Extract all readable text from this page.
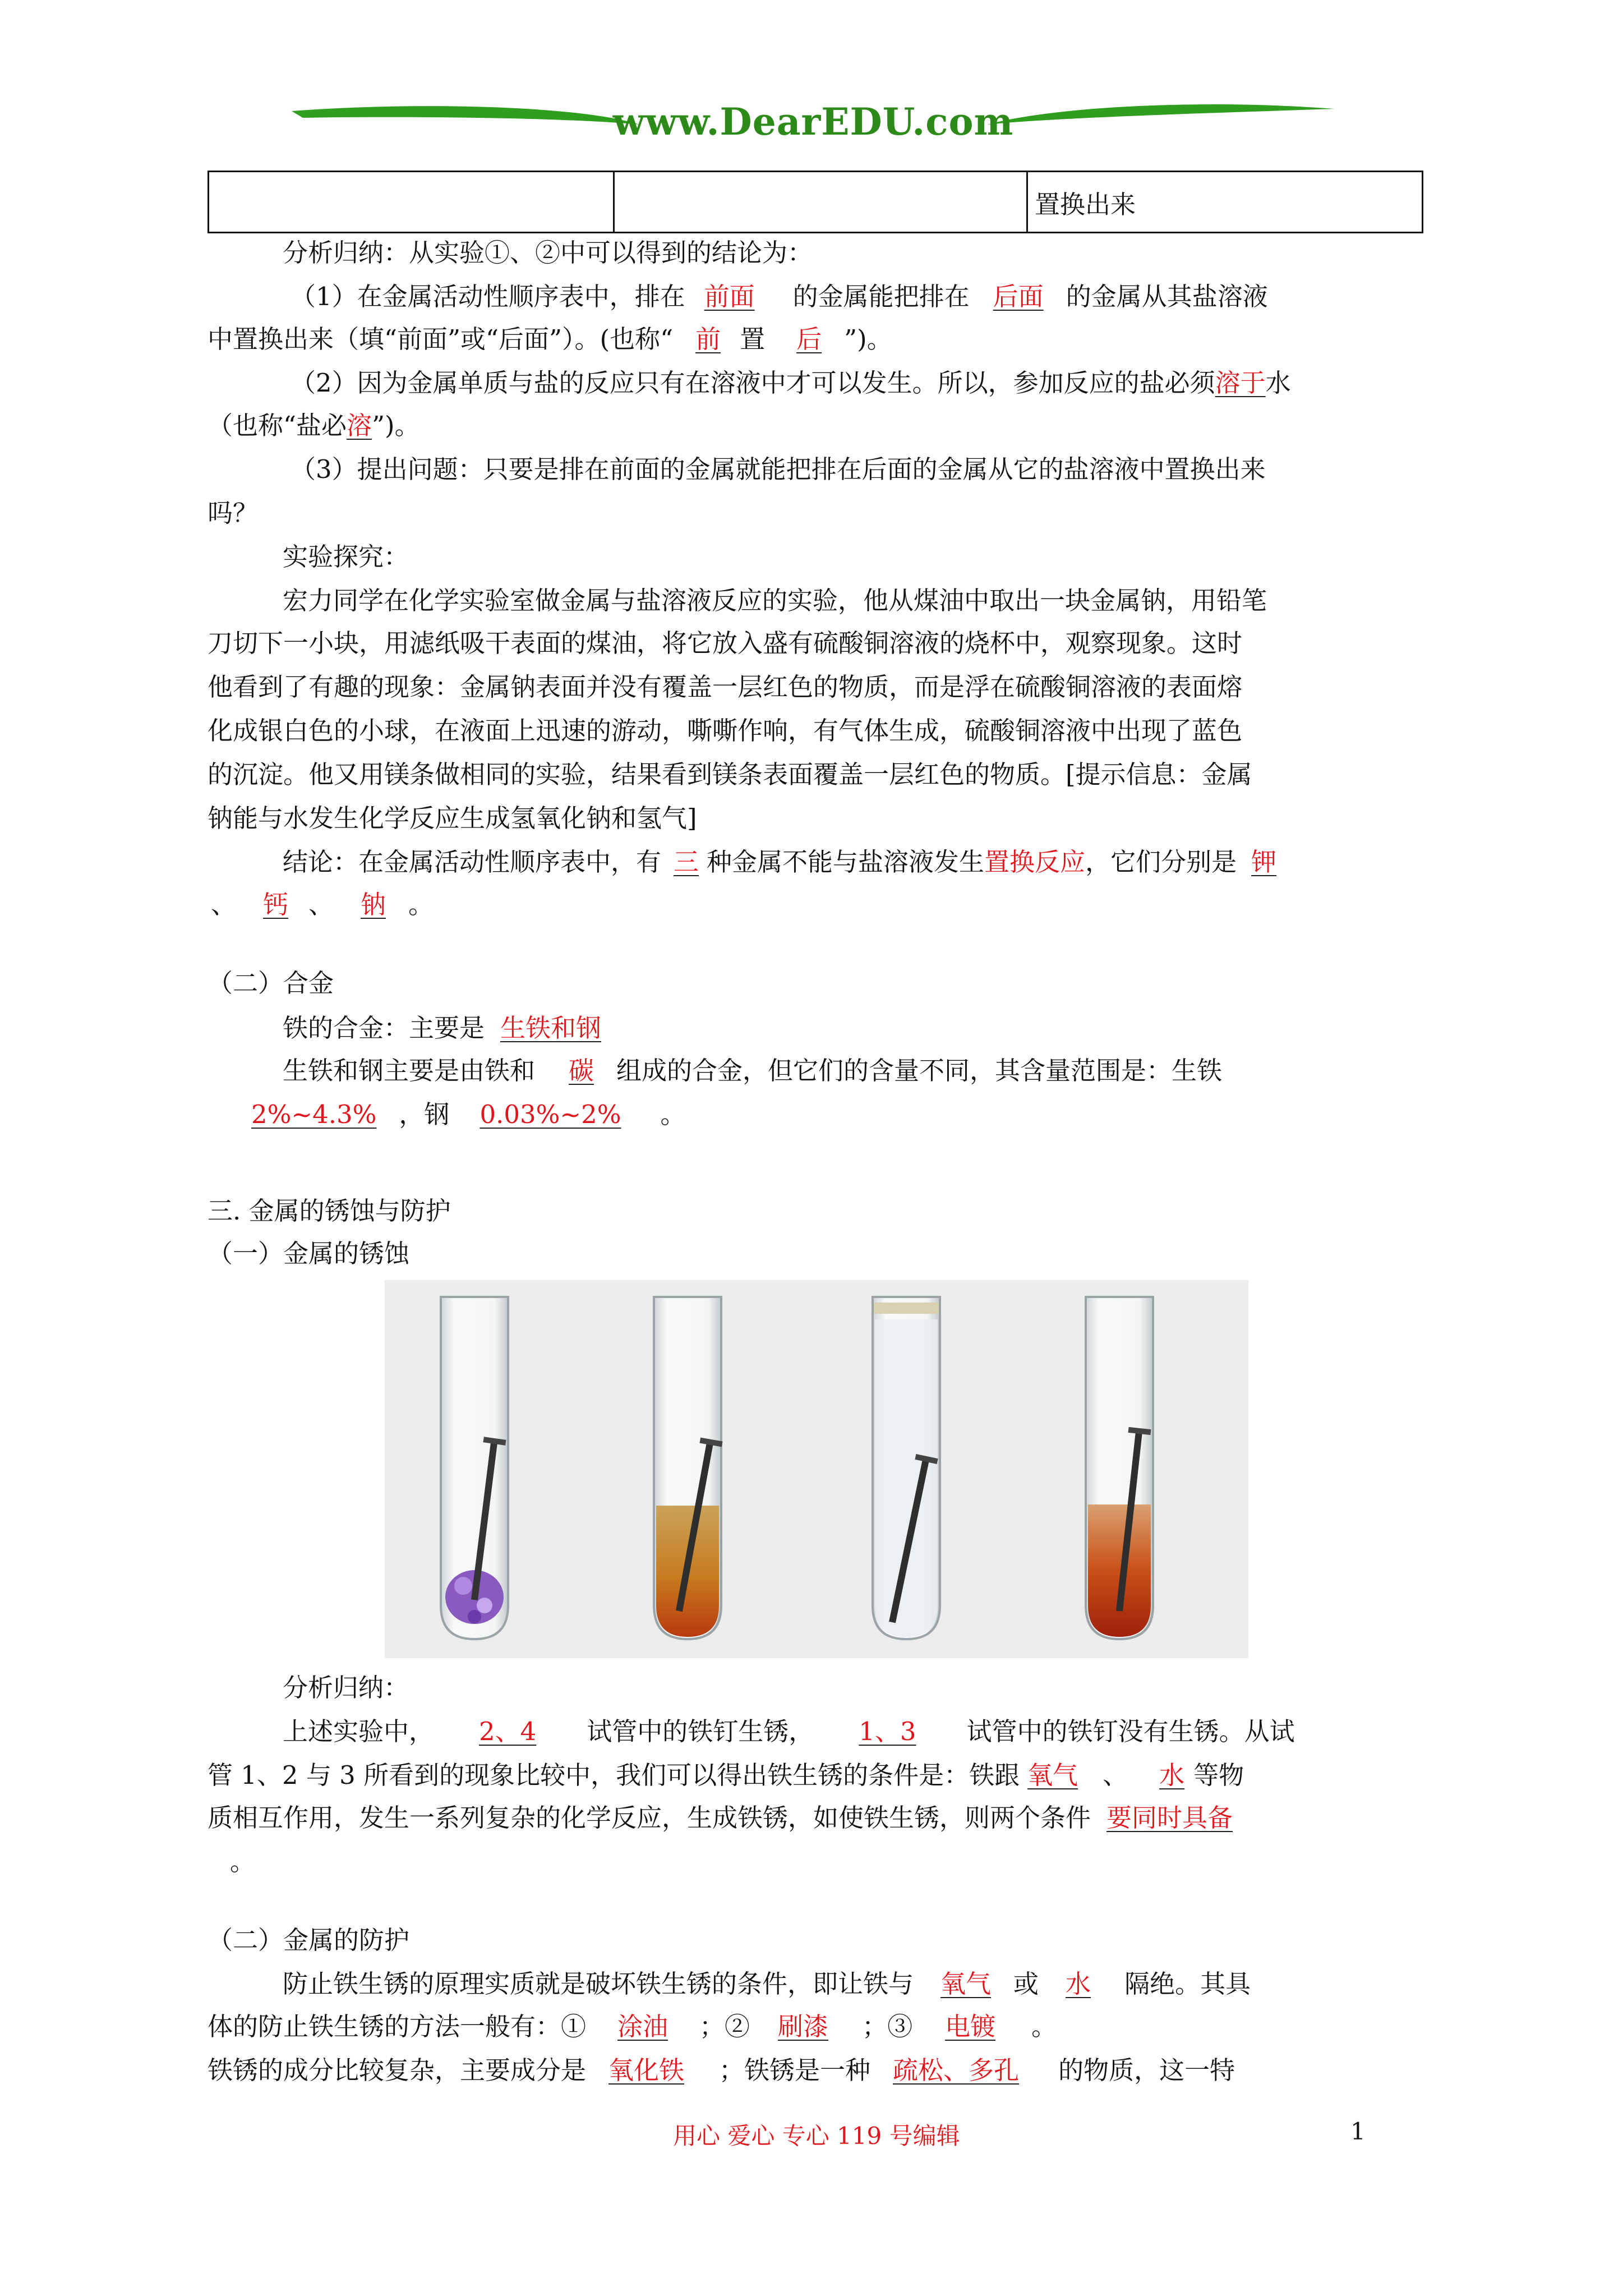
www.DearEDU.com
		置换出来
分析归纳：从实验①、②中可以得到的结论为：
（1）在金属活动性顺序表中，排在 前面 的金属能把排在 后面 的金属从其盐溶液
中置换出来（填“前面”或“后面”）。(也称“ 前 置 后 ”)。
（2）因为金属单质与盐的反应只有在溶液中才可以发生。所以，参加反应的盐必须溶于水
（也称“盐必溶”)。
（3）提出问题：只要是排在前面的金属就能把排在后面的金属从它的盐溶液中置换出来
吗？
实验探究：
宏力同学在化学实验室做金属与盐溶液反应的实验，他从煤油中取出一块金属钠，用铅笔
刀切下一小块，用滤纸吸干表面的煤油，将它放入盛有硫酸铜溶液的烧杯中，观察现象。这时
他看到了有趣的现象：金属钠表面并没有覆盖一层红色的物质，而是浮在硫酸铜溶液的表面熔
化成银白色的小球，在液面上迅速的游动，嘶嘶作响，有气体生成，硫酸铜溶液中出现了蓝色
的沉淀。他又用镁条做相同的实验，结果看到镁条表面覆盖一层红色的物质。[提示信息：金属
钠能与水发生化学反应生成氢氧化钠和氢气]
结论：在金属活动性顺序表中，有 三 种金属不能与盐溶液发生置换反应，它们分别是 钾
、 钙 、 钠 。
（二）合金
铁的合金：主要是 生铁和钢
生铁和钢主要是由铁和 碳 组成的合金，但它们的含量不同，其含量范围是：生铁
2%~4.3% ，钢 0.03%~2% 。
三. 金属的锈蚀与防护
（一）金属的锈蚀
分析归纳：
上述实验中， 2、4 试管中的铁钉生锈， 1、3 试管中的铁钉没有生锈。从试
管 1、2 与 3 所看到的现象比较中，我们可以得出铁生锈的条件是：铁跟 氧气 、 水 等物
质相互作用，发生一系列复杂的化学反应，生成铁锈，如使铁生锈，则两个条件 要同时具备
。
（二）金属的防护
防止铁生锈的原理实质就是破坏铁生锈的条件，即让铁与 氧气 或 水 隔绝。其具
体的防止铁生锈的方法一般有：① 涂油 ；② 刷漆 ；③ 电镀 。
铁锈的成分比较复杂，主要成分是 氧化铁 ；铁锈是一种 疏松、多孔 的物质，这一特
用心 爱心 专心 119 号编辑	1
